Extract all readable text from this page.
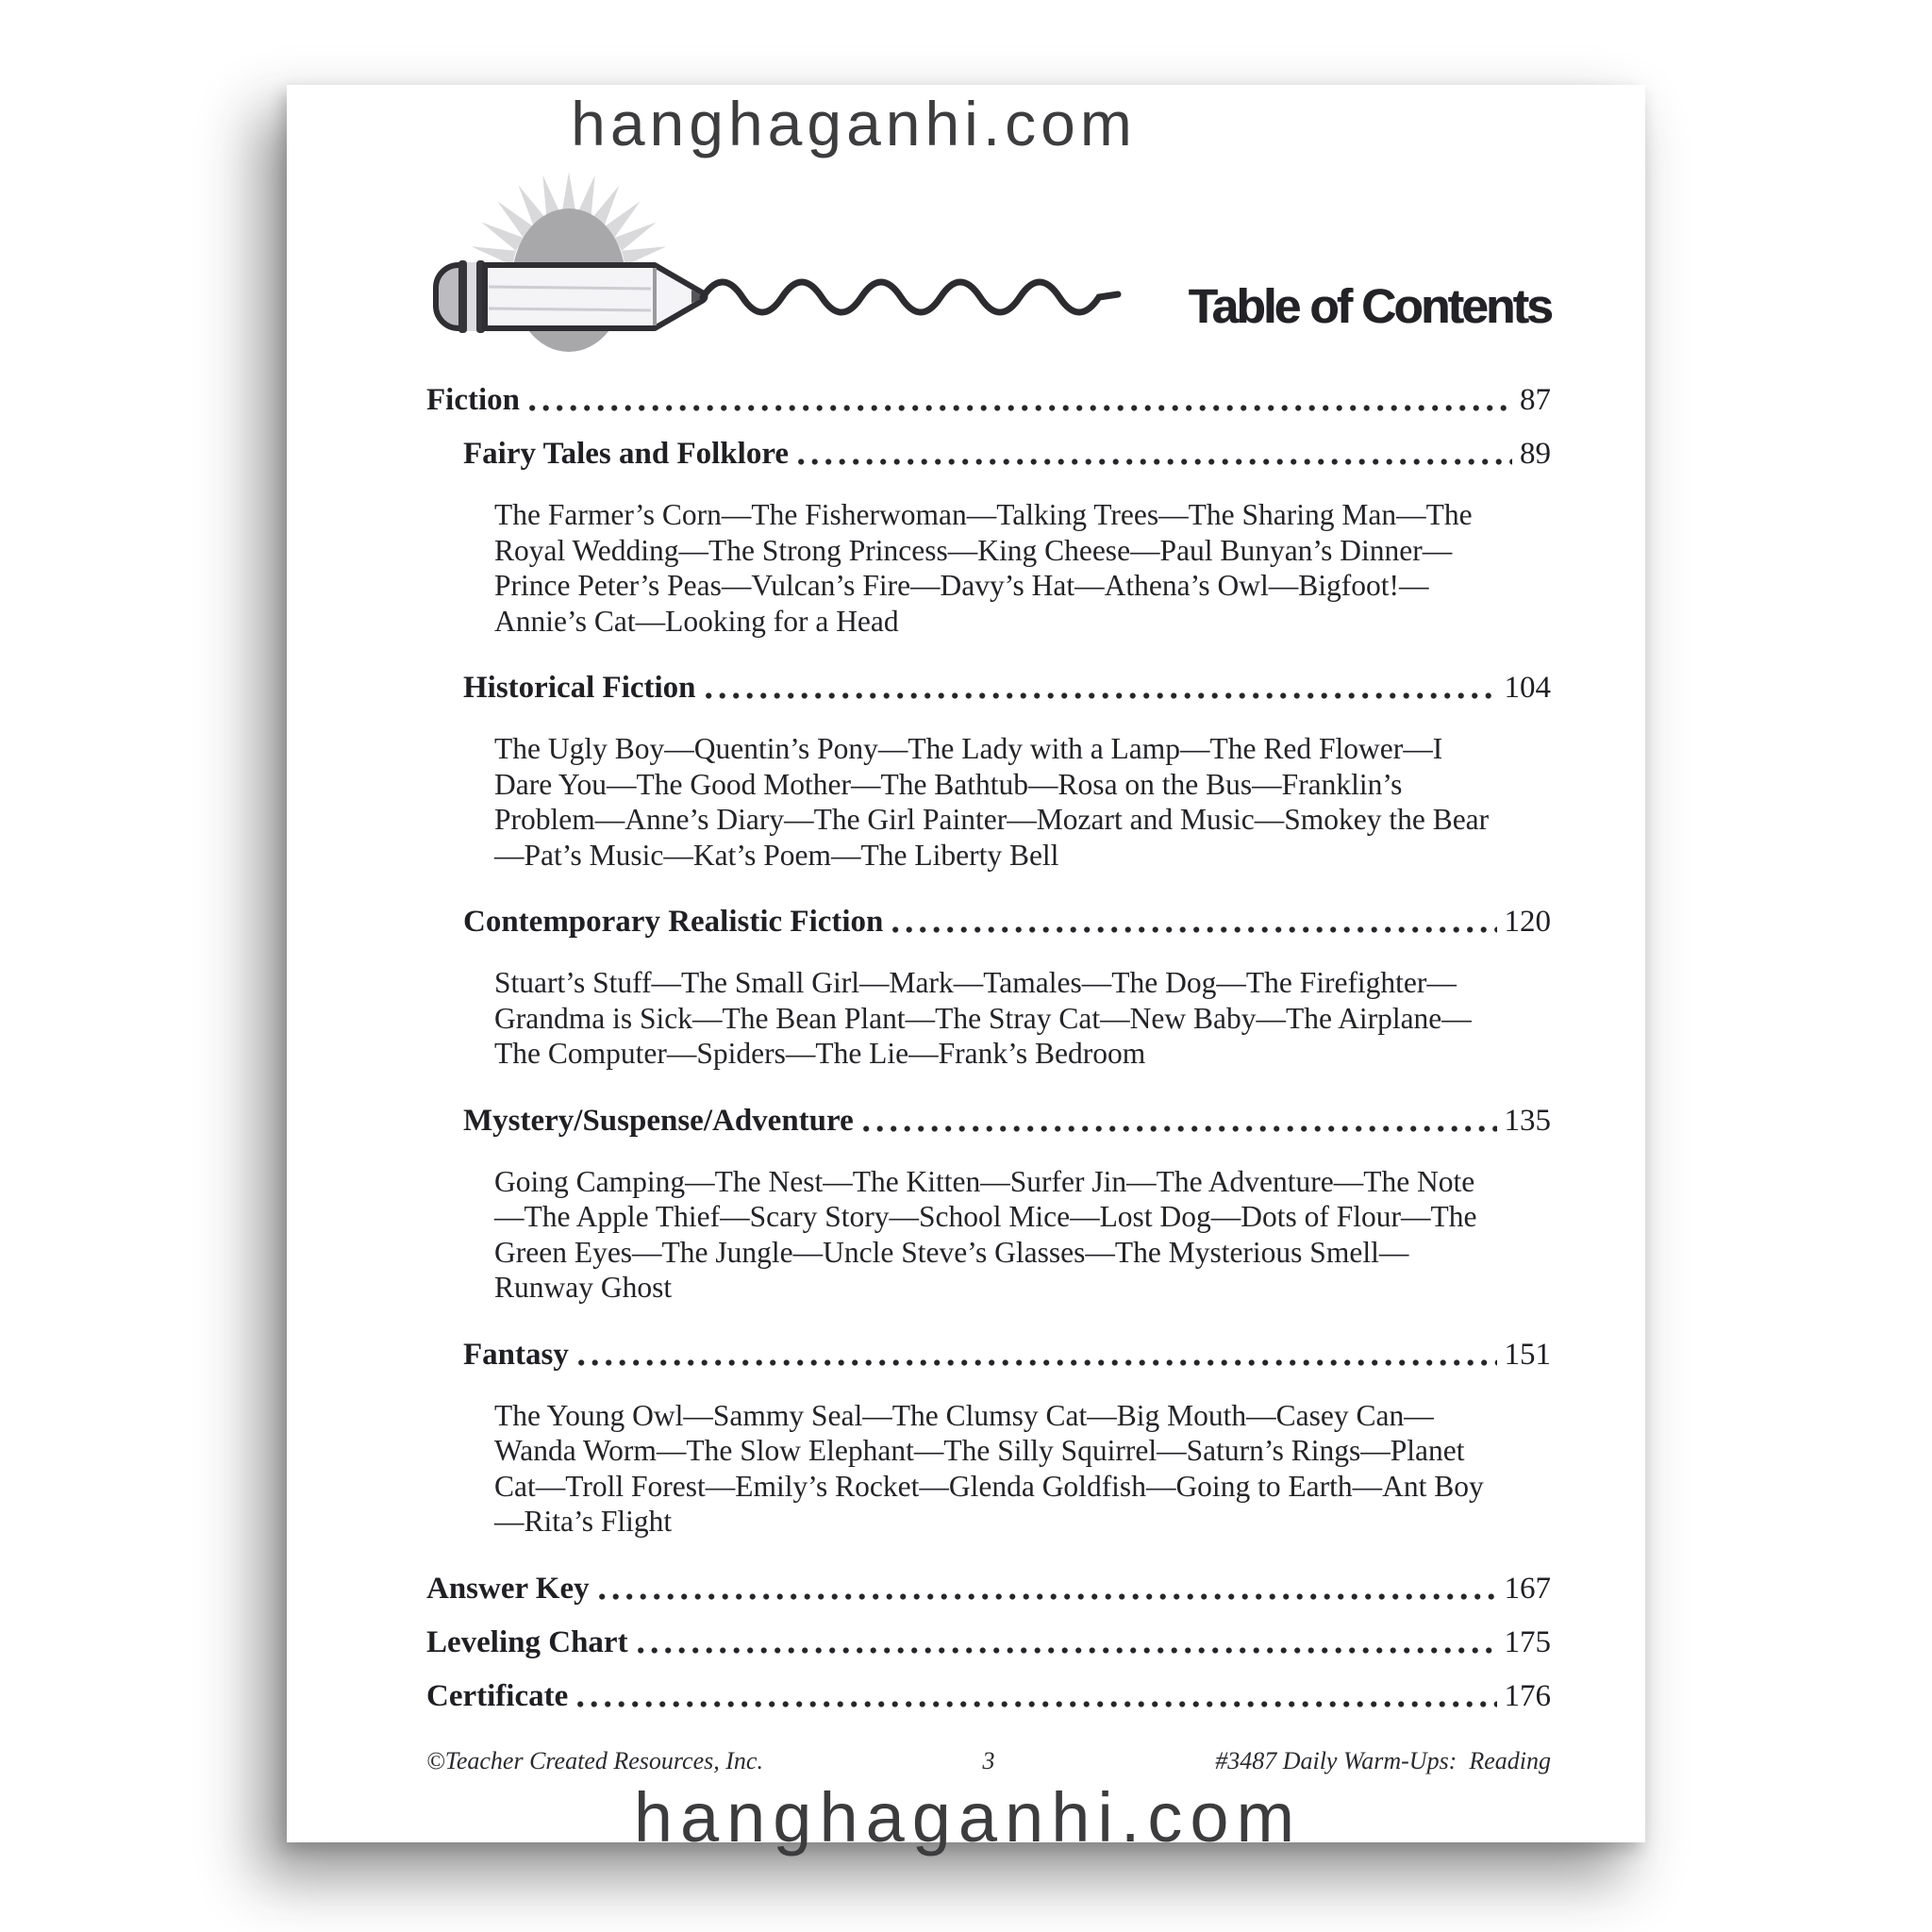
hanghaganhi.com
Table of Contents
Fiction	87
Fairy Tales and Folklore	89

The Farmer’s Corn—The Fisherwoman—Talking Trees—The Sharing Man—The Royal Wedding—The Strong Princess—King Cheese—Paul Bunyan’s Dinner—Prince Peter’s Peas—Vulcan’s Fire—Davy’s Hat—Athena’s Owl—Bigfoot!—Annie’s Cat—Looking for a Head

Historical Fiction	104

The Ugly Boy—Quentin’s Pony—The Lady with a Lamp—The Red Flower—I Dare You—The Good Mother—The Bathtub—Rosa on the Bus—Franklin’s Problem—Anne’s Diary—The Girl Painter—Mozart and Music—Smokey the Bear—Pat’s Music—Kat’s Poem—The Liberty Bell

Contemporary Realistic Fiction	120

Stuart’s Stuff—The Small Girl—Mark—Tamales—The Dog—The Firefighter—Grandma is Sick—The Bean Plant—The Stray Cat—New Baby—The Airplane—The Computer—Spiders—The Lie—Frank’s Bedroom

Mystery/Suspense/Adventure	135

Going Camping—The Nest—The Kitten—Surfer Jin—The Adventure—The Note—The Apple Thief—Scary Story—School Mice—Lost Dog—Dots of Flour—The Green Eyes—The Jungle—Uncle Steve’s Glasses—The Mysterious Smell—Runway Ghost

Fantasy	151

The Young Owl—Sammy Seal—The Clumsy Cat—Big Mouth—Casey Can—Wanda Worm—The Slow Elephant—The Silly Squirrel—Saturn’s Rings—Planet Cat—Troll Forest—Emily’s Rocket—Glenda Goldfish—Going to Earth—Ant Boy—Rita’s Flight

Answer Key	167
Leveling Chart	175
Certificate	176
©Teacher Created Resources, Inc.	3	#3487 Daily Warm-Ups:  Reading
hanghaganhi.com
